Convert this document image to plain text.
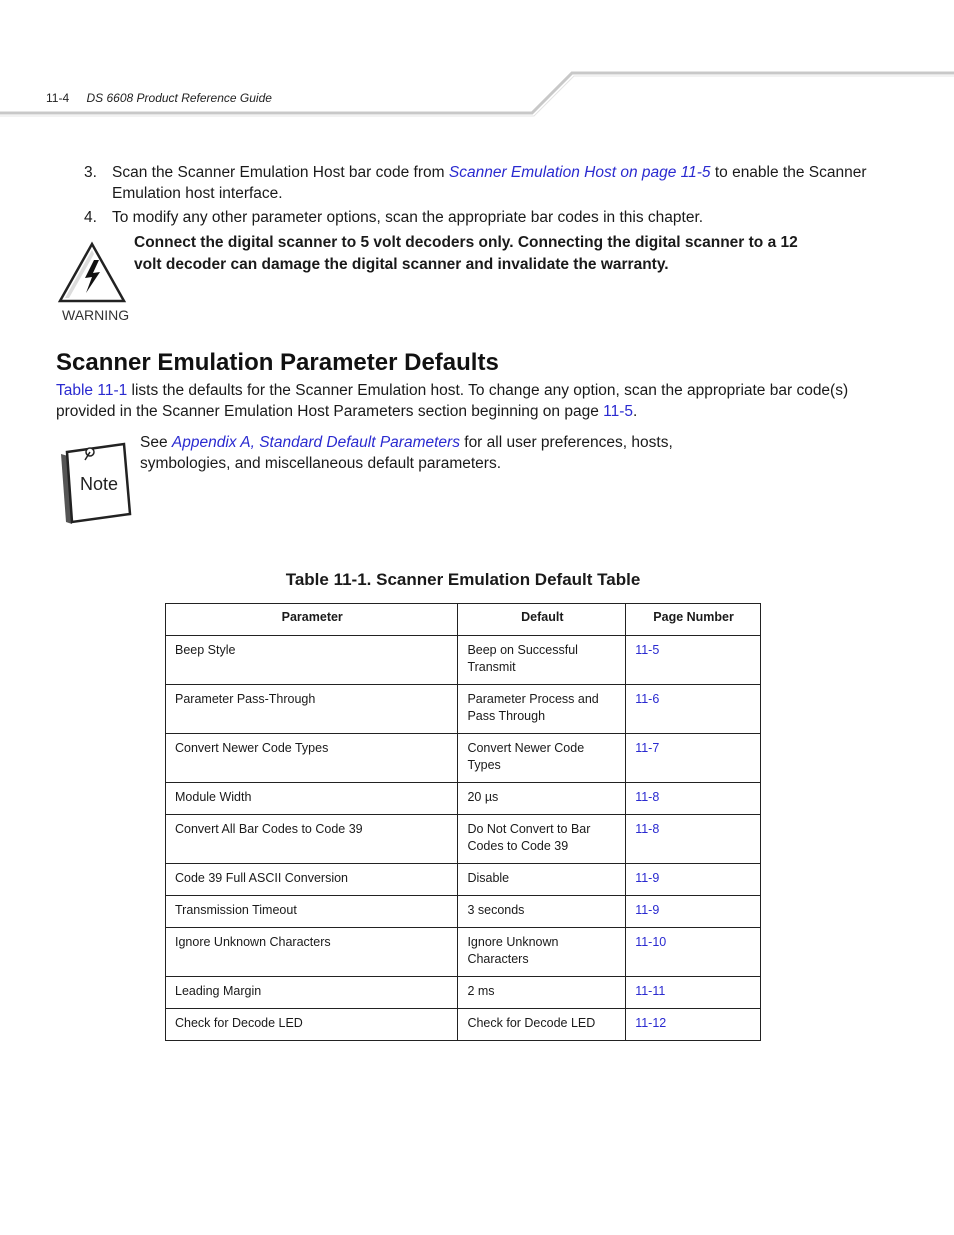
11-4 DS 6608 Product Reference Guide
3. Scan the Scanner Emulation Host bar code from Scanner Emulation Host on page 11-5 to enable the Scanner Emulation host interface.
4. To modify any other parameter options, scan the appropriate bar codes in this chapter.
WARNING
Connect the digital scanner to 5 volt decoders only. Connecting the digital scanner to a 12 volt decoder can damage the digital scanner and invalidate the warranty.
Scanner Emulation Parameter Defaults
Table 11-1 lists the defaults for the Scanner Emulation host. To change any option, scan the appropriate bar code(s) provided in the Scanner Emulation Host Parameters section beginning on page 11-5.
Note
See Appendix A, Standard Default Parameters for all user preferences, hosts, symbologies, and miscellaneous default parameters.
Table 11-1. Scanner Emulation Default Table
Parameter	Default	Page Number
Beep Style	Beep on Successful Transmit	11-5
Parameter Pass-Through	Parameter Process and Pass Through	11-6
Convert Newer Code Types	Convert Newer Code Types	11-7
Module Width	20 µs	11-8
Convert All Bar Codes to Code 39	Do Not Convert to Bar Codes to Code 39	11-8
Code 39 Full ASCII Conversion	Disable	11-9
Transmission Timeout	3 seconds	11-9
Ignore Unknown Characters	Ignore Unknown Characters	11-10
Leading Margin	2 ms	11-11
Check for Decode LED	Check for Decode LED	11-12
